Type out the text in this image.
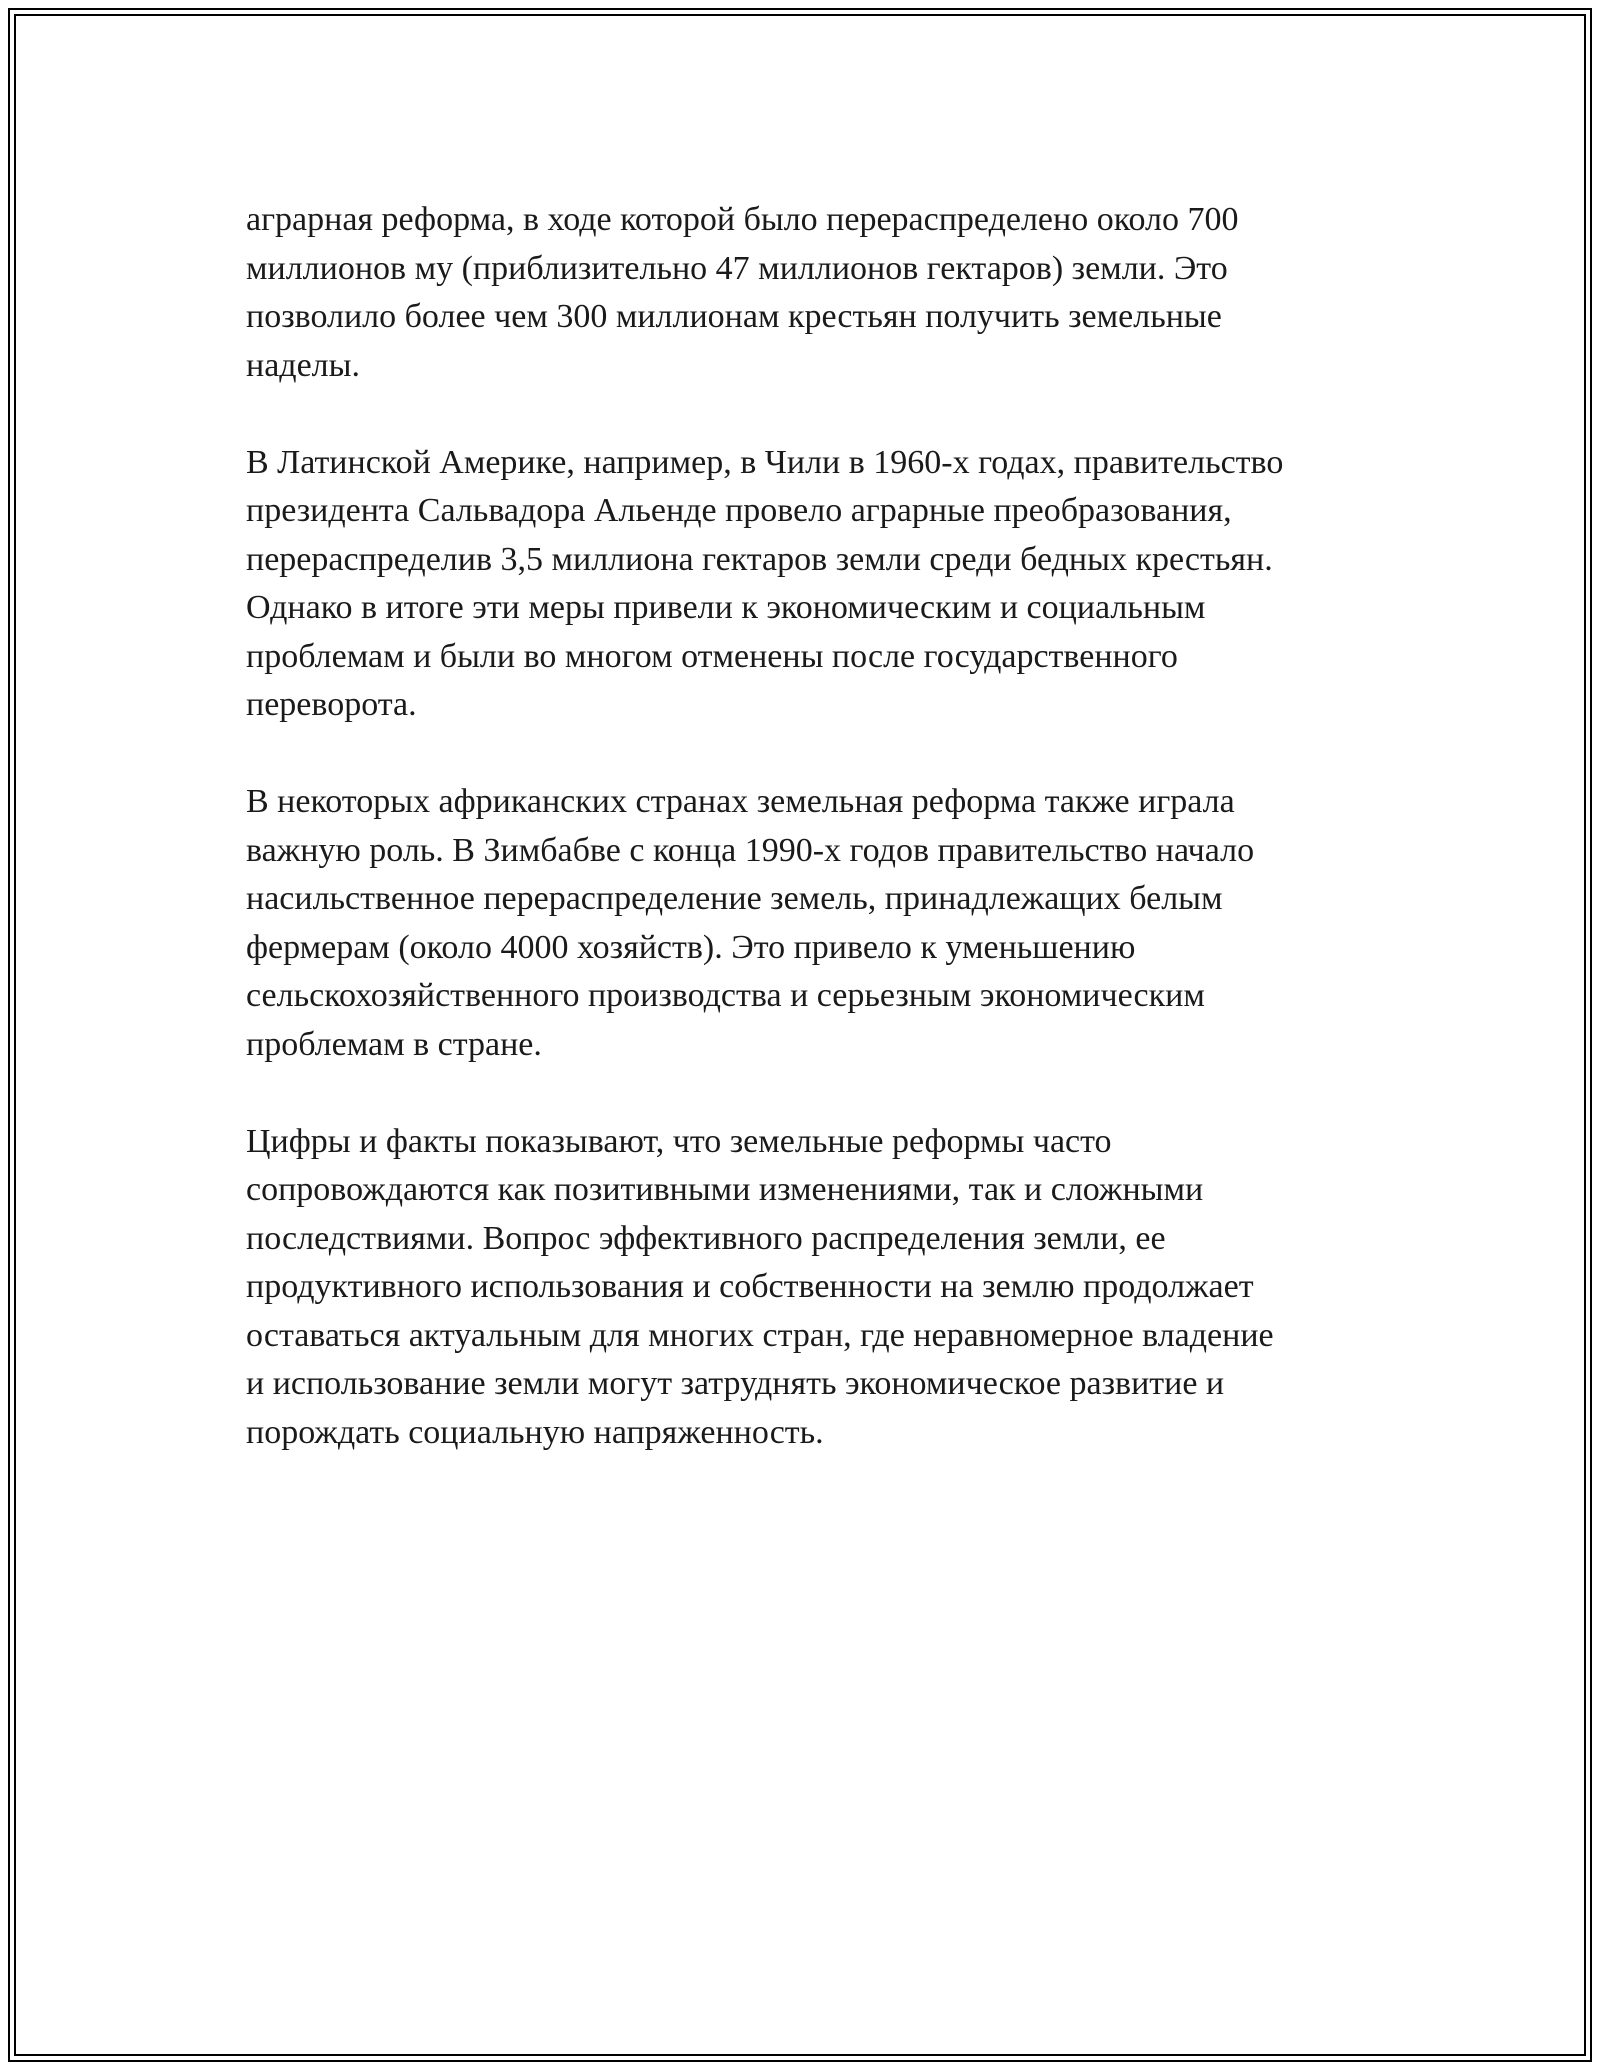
аграрная реформа, в ходе которой было перераспределено около 700
миллионов му (приблизительно 47 миллионов гектаров) земли. Это
позволило более чем 300 миллионам крестьян получить земельные
наделы.

В Латинской Америке, например, в Чили в 1960-х годах, правительство
президента Сальвадора Альенде провело аграрные преобразования,
перераспределив 3,5 миллиона гектаров земли среди бедных крестьян.
Однако в итоге эти меры привели к экономическим и социальным
проблемам и были во многом отменены после государственного
переворота.

В некоторых африканских странах земельная реформа также играла
важную роль. В Зимбабве с конца 1990-х годов правительство начало
насильственное перераспределение земель, принадлежащих белым
фермерам (около 4000 хозяйств). Это привело к уменьшению
сельскохозяйственного производства и серьезным экономическим
проблемам в стране.

Цифры и факты показывают, что земельные реформы часто
сопровождаются как позитивными изменениями, так и сложными
последствиями. Вопрос эффективного распределения земли, ее
продуктивного использования и собственности на землю продолжает
оставаться актуальным для многих стран, где неравномерное владение
и использование земли могут затруднять экономическое развитие и
порождать социальную напряженность.
